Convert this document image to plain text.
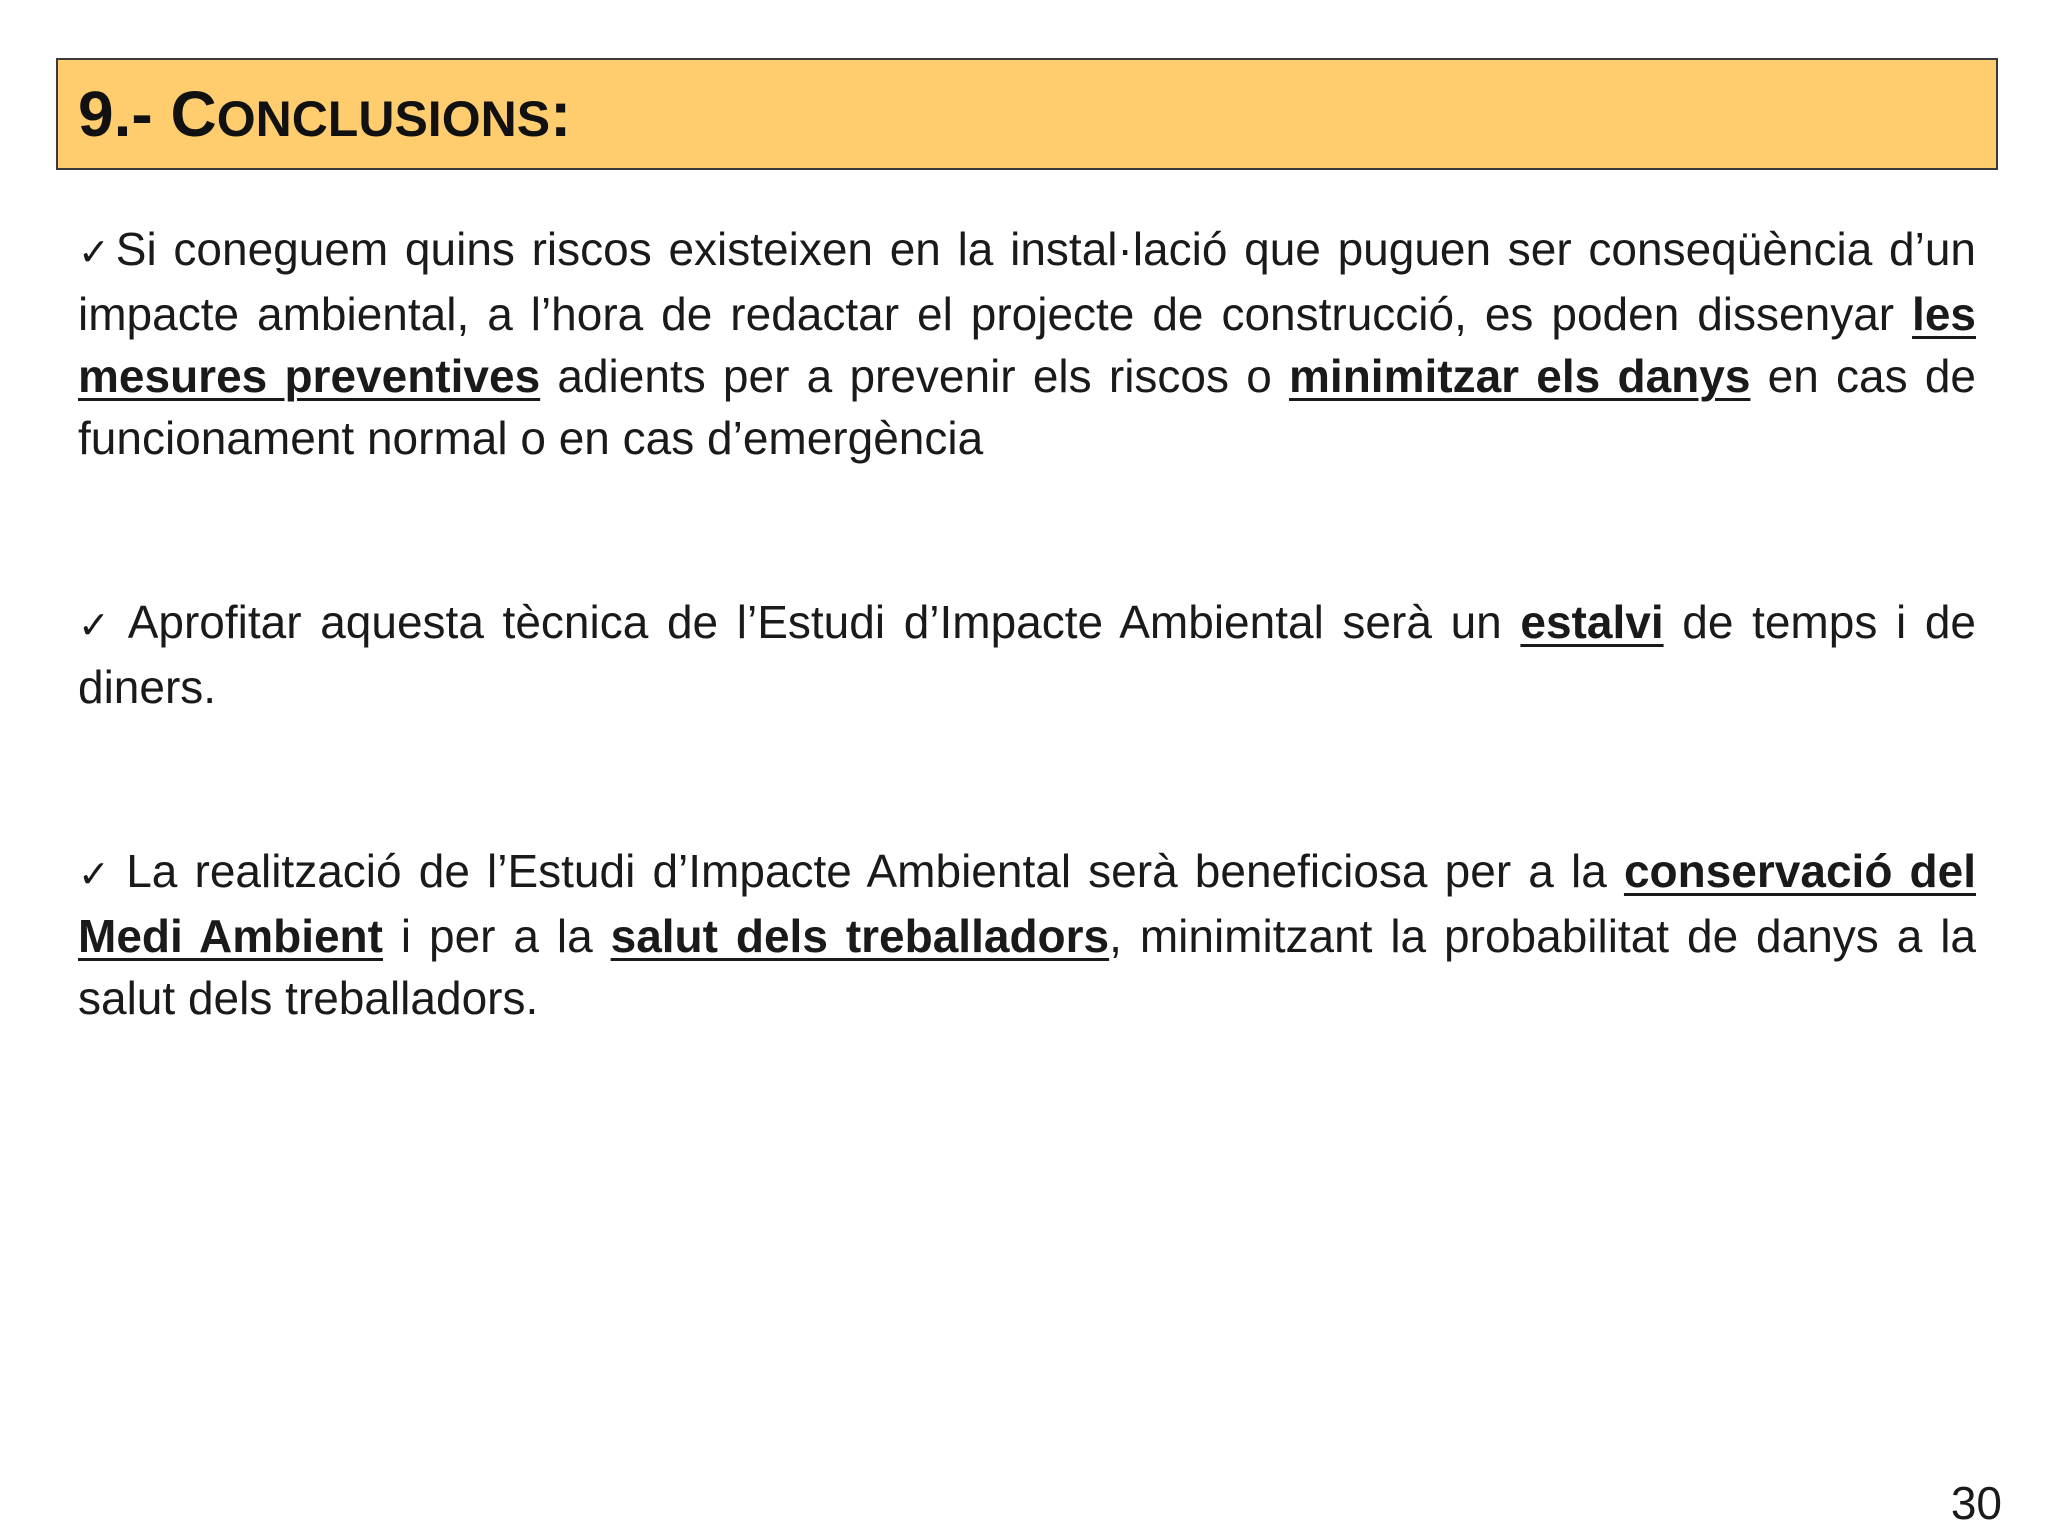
9.- CONCLUSIONS:

✓Si coneguem quins riscos existeixen en la instal·lació que puguen ser conseqüència d’un impacte ambiental, a l’hora de redactar el projecte de construcció, es poden dissenyar les mesures preventives adients per a prevenir els riscos o minimitzar els danys en cas de funcionament normal o en cas d’emergència

✓ Aprofitar aquesta tècnica de l’Estudi d’Impacte Ambiental serà un estalvi de temps i de diners.

✓ La realització de l’Estudi d’Impacte Ambiental serà beneficiosa per a la conservació del Medi Ambient i per a la salut dels treballadors, minimitzant la probabilitat de danys a la salut dels treballadors.

30
